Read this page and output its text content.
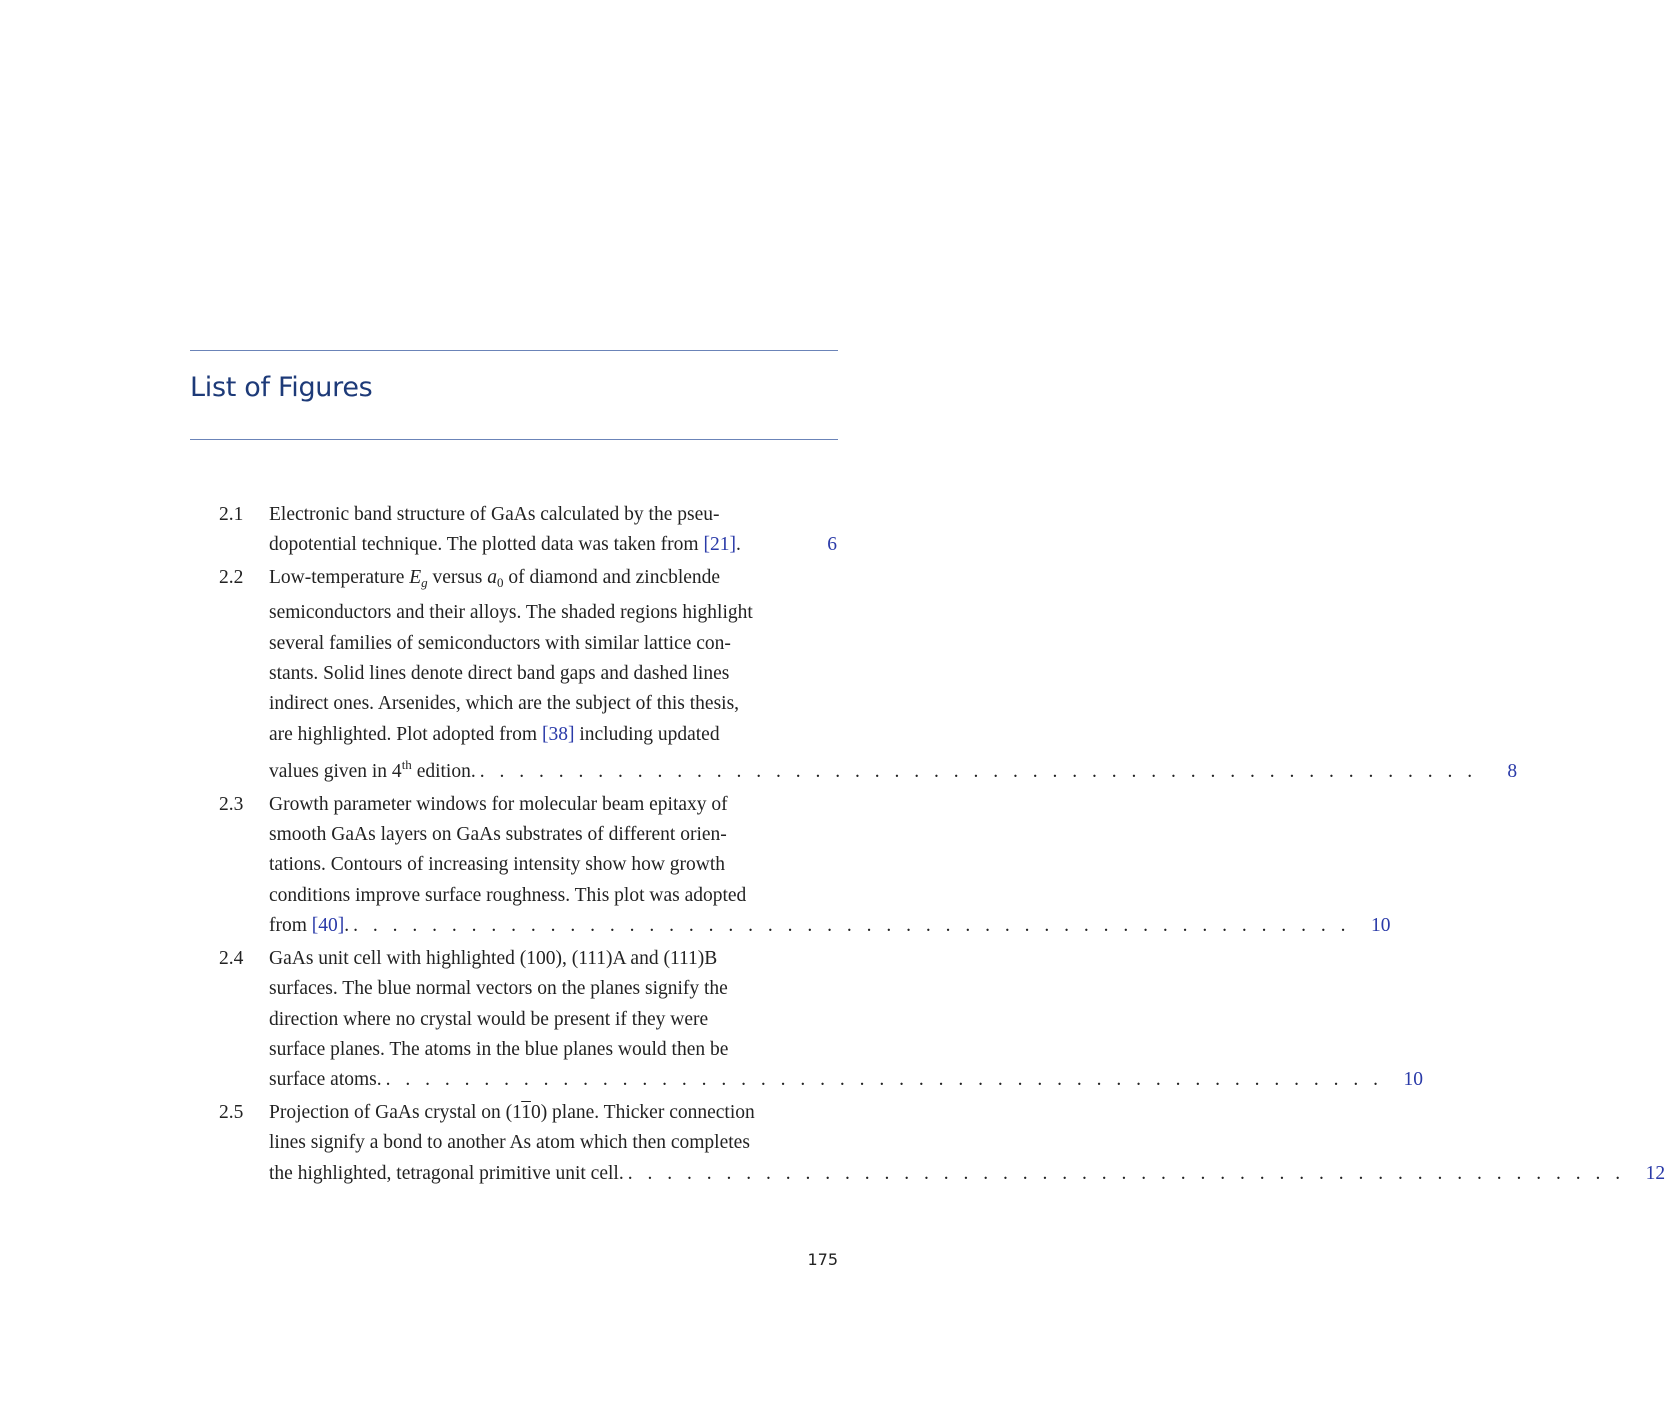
List of Figures
2.1	Electronic band structure of GaAs calculated by the pseu-
dopotential technique. The plotted data was taken from [21].	6
2.2	Low-temperature $E_g$ versus $a_0$ of diamond and zincblende
semiconductors and their alloys. The shaded regions highlight
several families of semiconductors with similar lattice con-
stants. Solid lines denote direct band gaps and dashed lines
indirect ones. Arsenides, which are the subject of this thesis,
are highlighted. Plot adopted from [38] including updated
values given in 4th edition. . . . . . . . . . . . . . . . . . . . . . . . . . . . . . . . . . . . . . . . . . . . . . . . . . . .	8
2.3	Growth parameter windows for molecular beam epitaxy of
smooth GaAs layers on GaAs substrates of different orien-
tations. Contours of increasing intensity show how growth
conditions improve surface roughness. This plot was adopted
from [40]. . . . . . . . . . . . . . . . . . . . . . . . . . . . . . . . . . . . . . . . . . . . . . . . . . . .	10
2.4	GaAs unit cell with highlighted (100), (111)A and (111)B
surfaces. The blue normal vectors on the planes signify the
direction where no crystal would be present if they were
surface planes. The atoms in the blue planes would then be
surface atoms. . . . . . . . . . . . . . . . . . . . . . . . . . . . . . . . . . . . . . . . . . . . . . . . . . . .	10
2.5	Projection of GaAs crystal on (110) plane. Thicker connection
lines signify a bond to another As atom which then completes
the highlighted, tetragonal primitive unit cell. . . . . . . . . . . . . . . . . . . . . . . . . . . . . . . . . . . . . . . . . . . . . . . . . . . .	12
175
